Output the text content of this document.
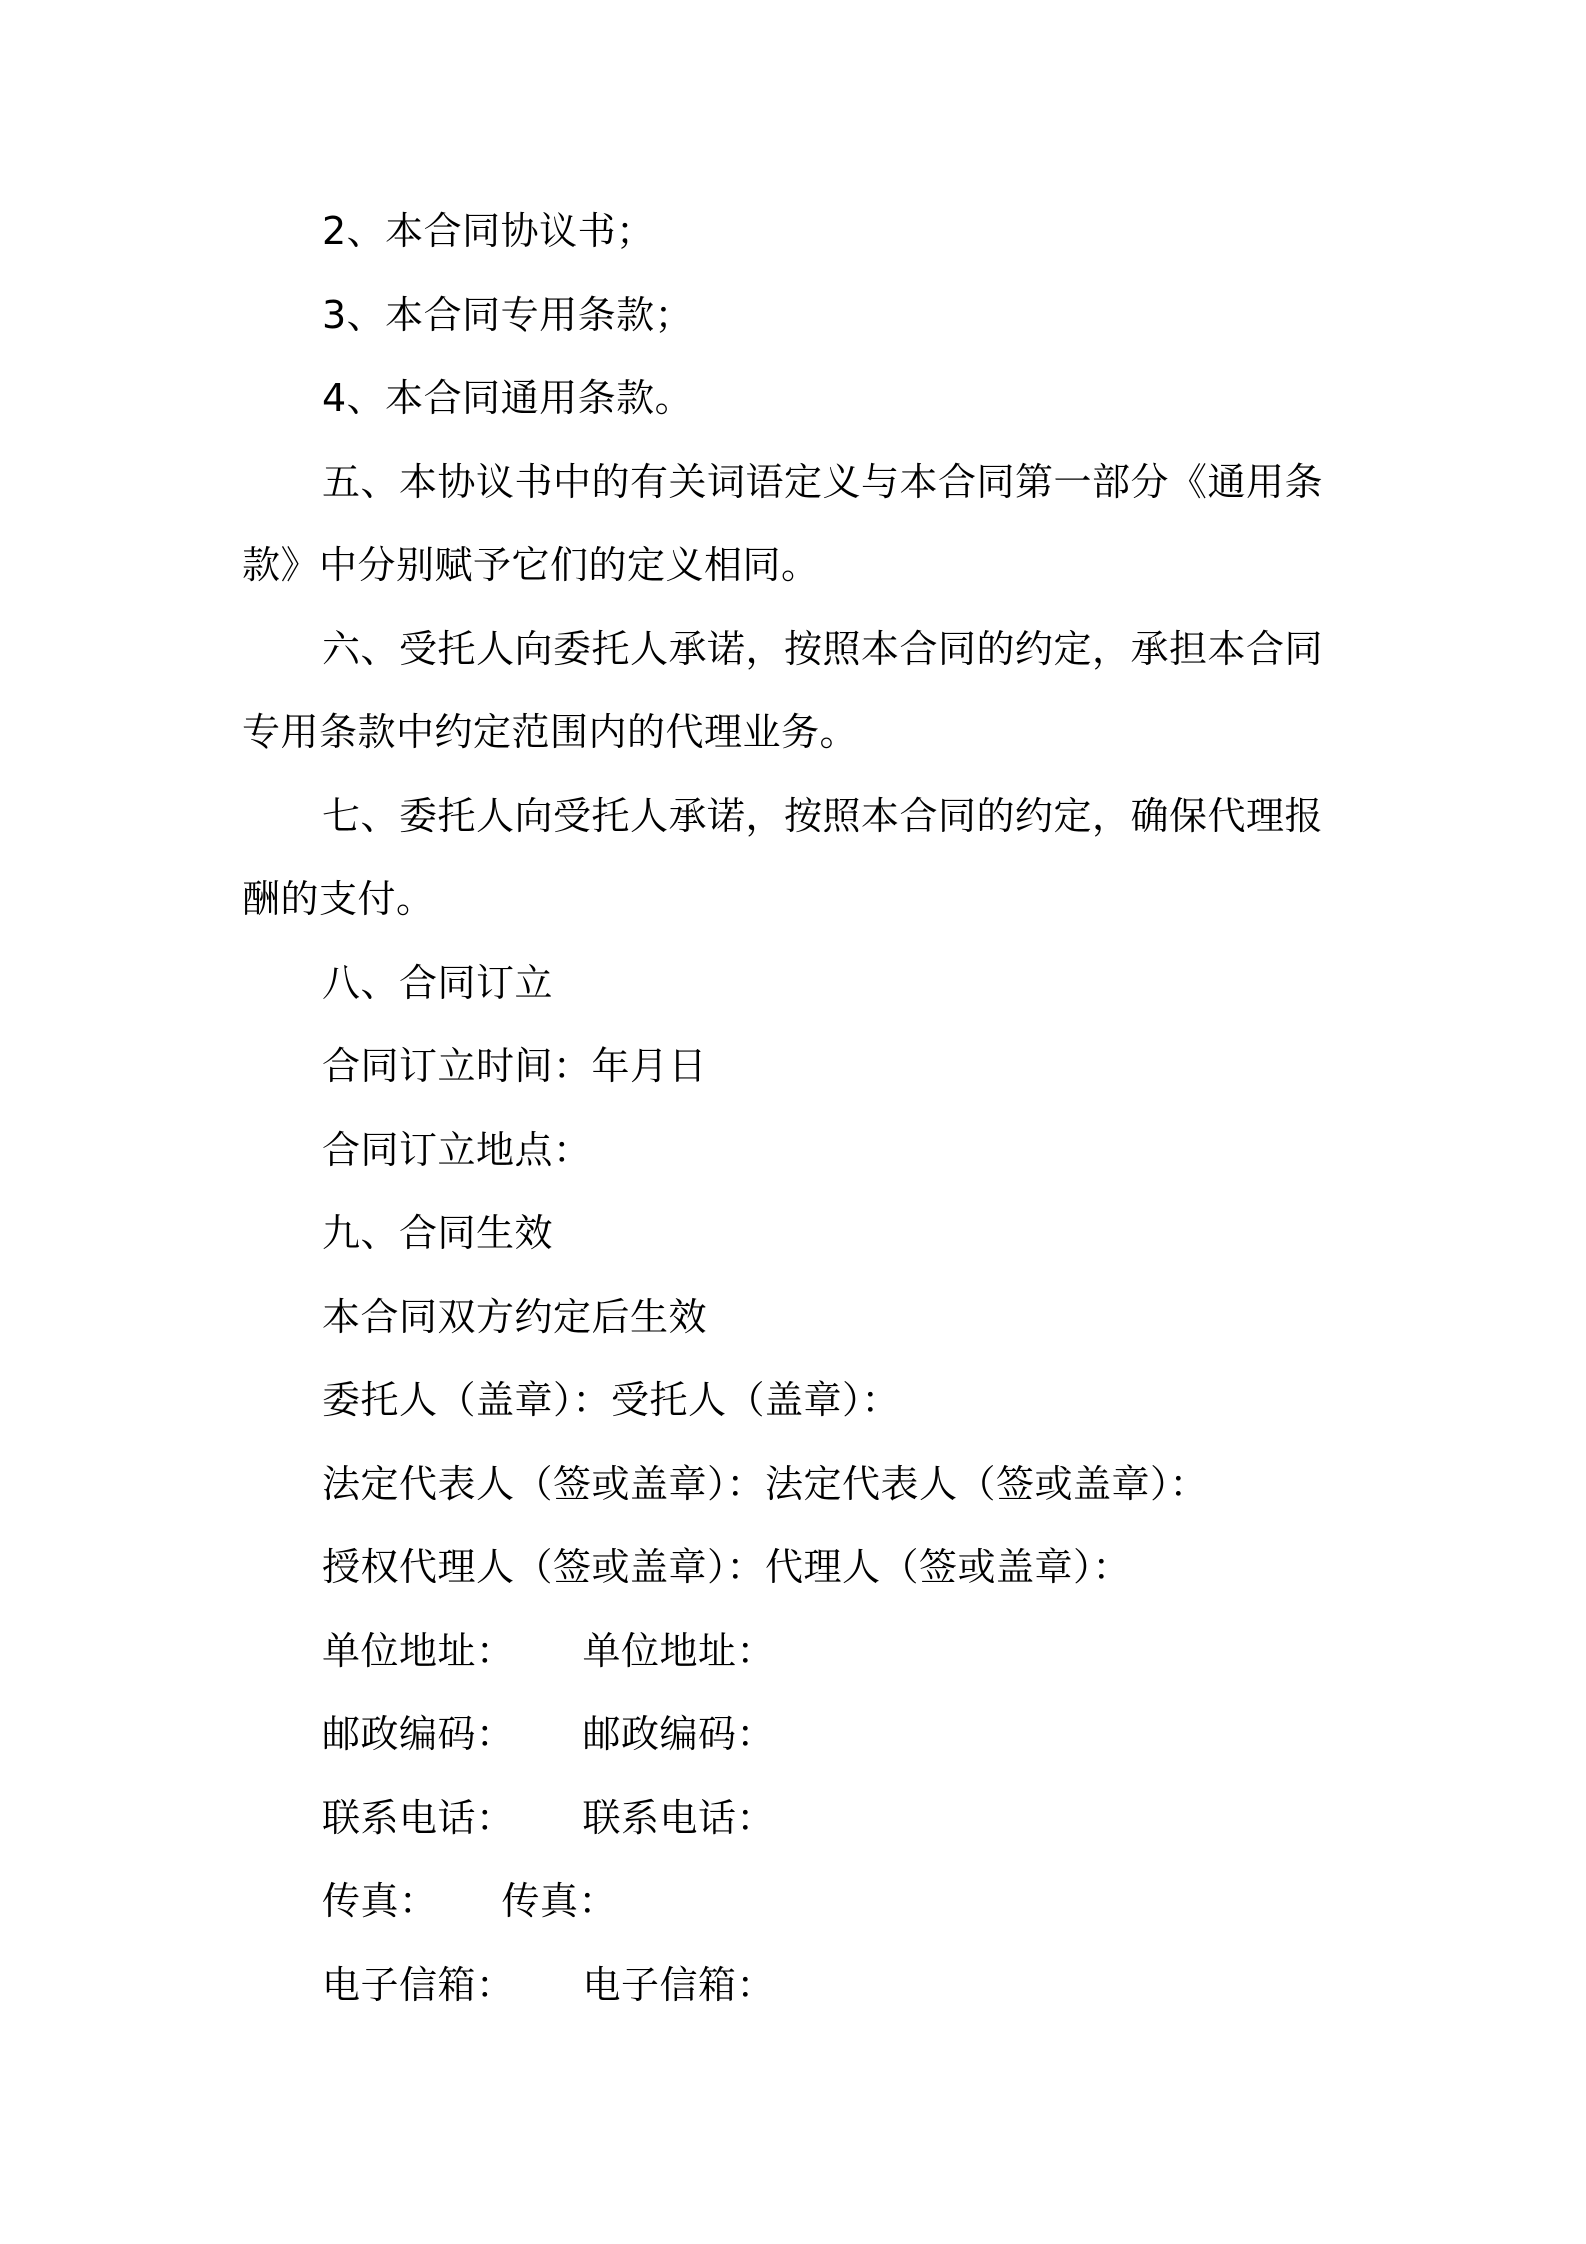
2、本合同协议书；
3、本合同专用条款；
4、本合同通用条款。
五、本协议书中的有关词语定义与本合同第一部分《通用条
款》中分别赋予它们的定义相同。
六、受托人向委托人承诺，按照本合同的约定，承担本合同
专用条款中约定范围内的代理业务。
七、委托人向受托人承诺，按照本合同的约定，确保代理报
酬的支付。
八、合同订立
合同订立时间：年月日
合同订立地点：
九、合同生效
本合同双方约定后生效
委托人（盖章）：受托人（盖章）：
法定代表人（签或盖章）：法定代表人（签或盖章）：
授权代理人（签或盖章）：代理人（签或盖章）：
单位地址： 单位地址：
邮政编码： 邮政编码：
联系电话： 联系电话：
传真： 传真：
电子信箱： 电子信箱：
